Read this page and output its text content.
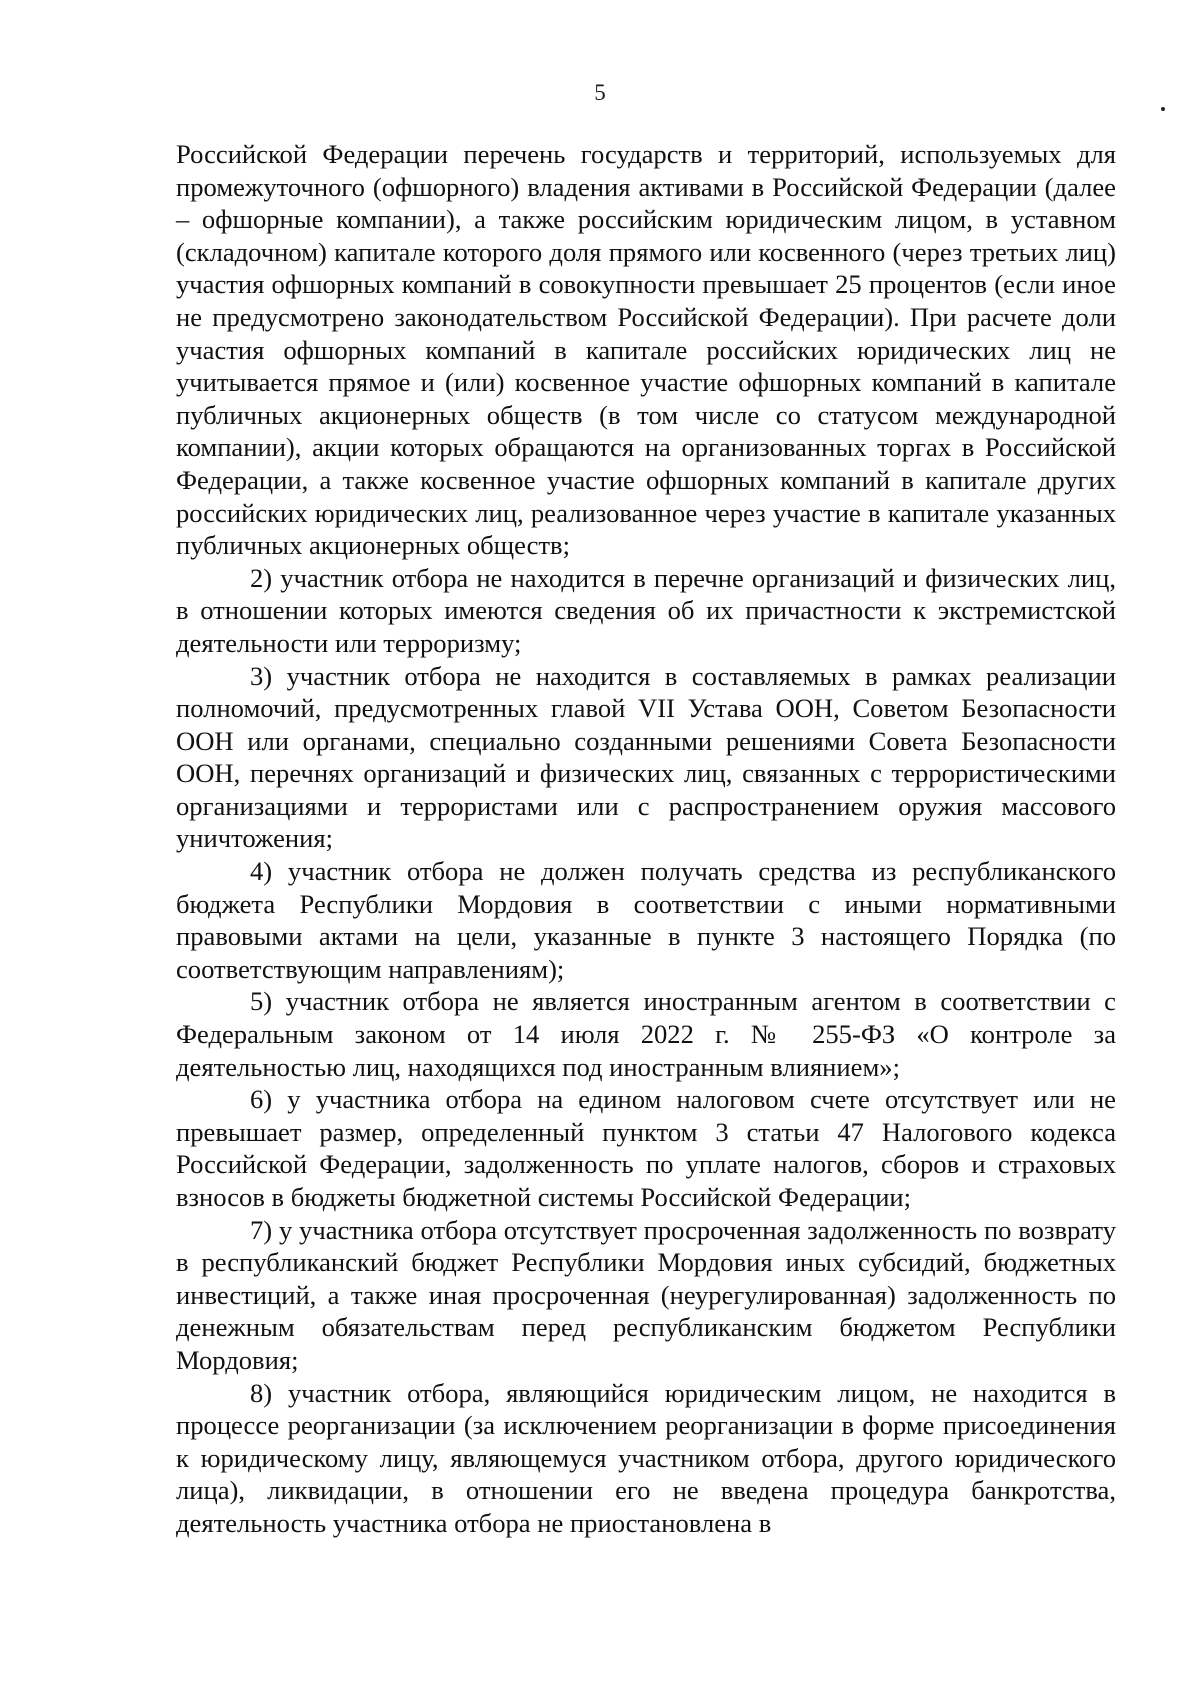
5

Российской Федерации перечень государств и территорий, используемых для промежуточного (офшорного) владения активами в Российской Федерации (далее – офшорные компании), а также российским юридическим лицом, в уставном (складочном) капитале которого доля прямого или косвенного (через третьих лиц) участия офшорных компаний в совокупности превышает 25 процентов (если иное не предусмотрено законодательством Российской Федерации). При расчете доли участия офшорных компаний в капитале российских юридических лиц не учитывается прямое и (или) косвенное участие офшорных компаний в капитале публичных акционерных обществ (в том числе со статусом международной компании), акции которых обращаются на организованных торгах в Российской Федерации, а также косвенное участие офшорных компаний в капитале других российских юридических лиц, реализованное через участие в капитале указанных публичных акционерных обществ;

2) участник отбора не находится в перечне организаций и физических лиц, в отношении которых имеются сведения об их причастности к экстремистской деятельности или терроризму;

3) участник отбора не находится в составляемых в рамках реализации полномочий, предусмотренных главой VII Устава ООН, Советом Безопасности ООН или органами, специально созданными решениями Совета Безопасности ООН, перечнях организаций и физических лиц, связанных с террористическими организациями и террористами или с распространением оружия массового уничтожения;

4) участник отбора не должен получать средства из республиканского бюджета Республики Мордовия в соответствии с иными нормативными правовыми актами на цели, указанные в пункте 3 настоящего Порядка (по соответствующим направлениям);

5) участник отбора не является иностранным агентом в соответствии с Федеральным законом от 14 июля 2022 г. № 255-ФЗ «О контроле за деятельностью лиц, находящихся под иностранным влиянием»;

6) у участника отбора на едином налоговом счете отсутствует или не превышает размер, определенный пунктом 3 статьи 47 Налогового кодекса Российской Федерации, задолженность по уплате налогов, сборов и страховых взносов в бюджеты бюджетной системы Российской Федерации;

7) у участника отбора отсутствует просроченная задолженность по возврату в республиканский бюджет Республики Мордовия иных субсидий, бюджетных инвестиций, а также иная просроченная (неурегулированная) задолженность по денежным обязательствам перед республиканским бюджетом Республики Мордовия;

8) участник отбора, являющийся юридическим лицом, не находится в процессе реорганизации (за исключением реорганизации в форме присоединения к юридическому лицу, являющемуся участником отбора, другого юридического лица), ликвидации, в отношении его не введена процедура банкротства, деятельность участника отбора не приостановлена в
